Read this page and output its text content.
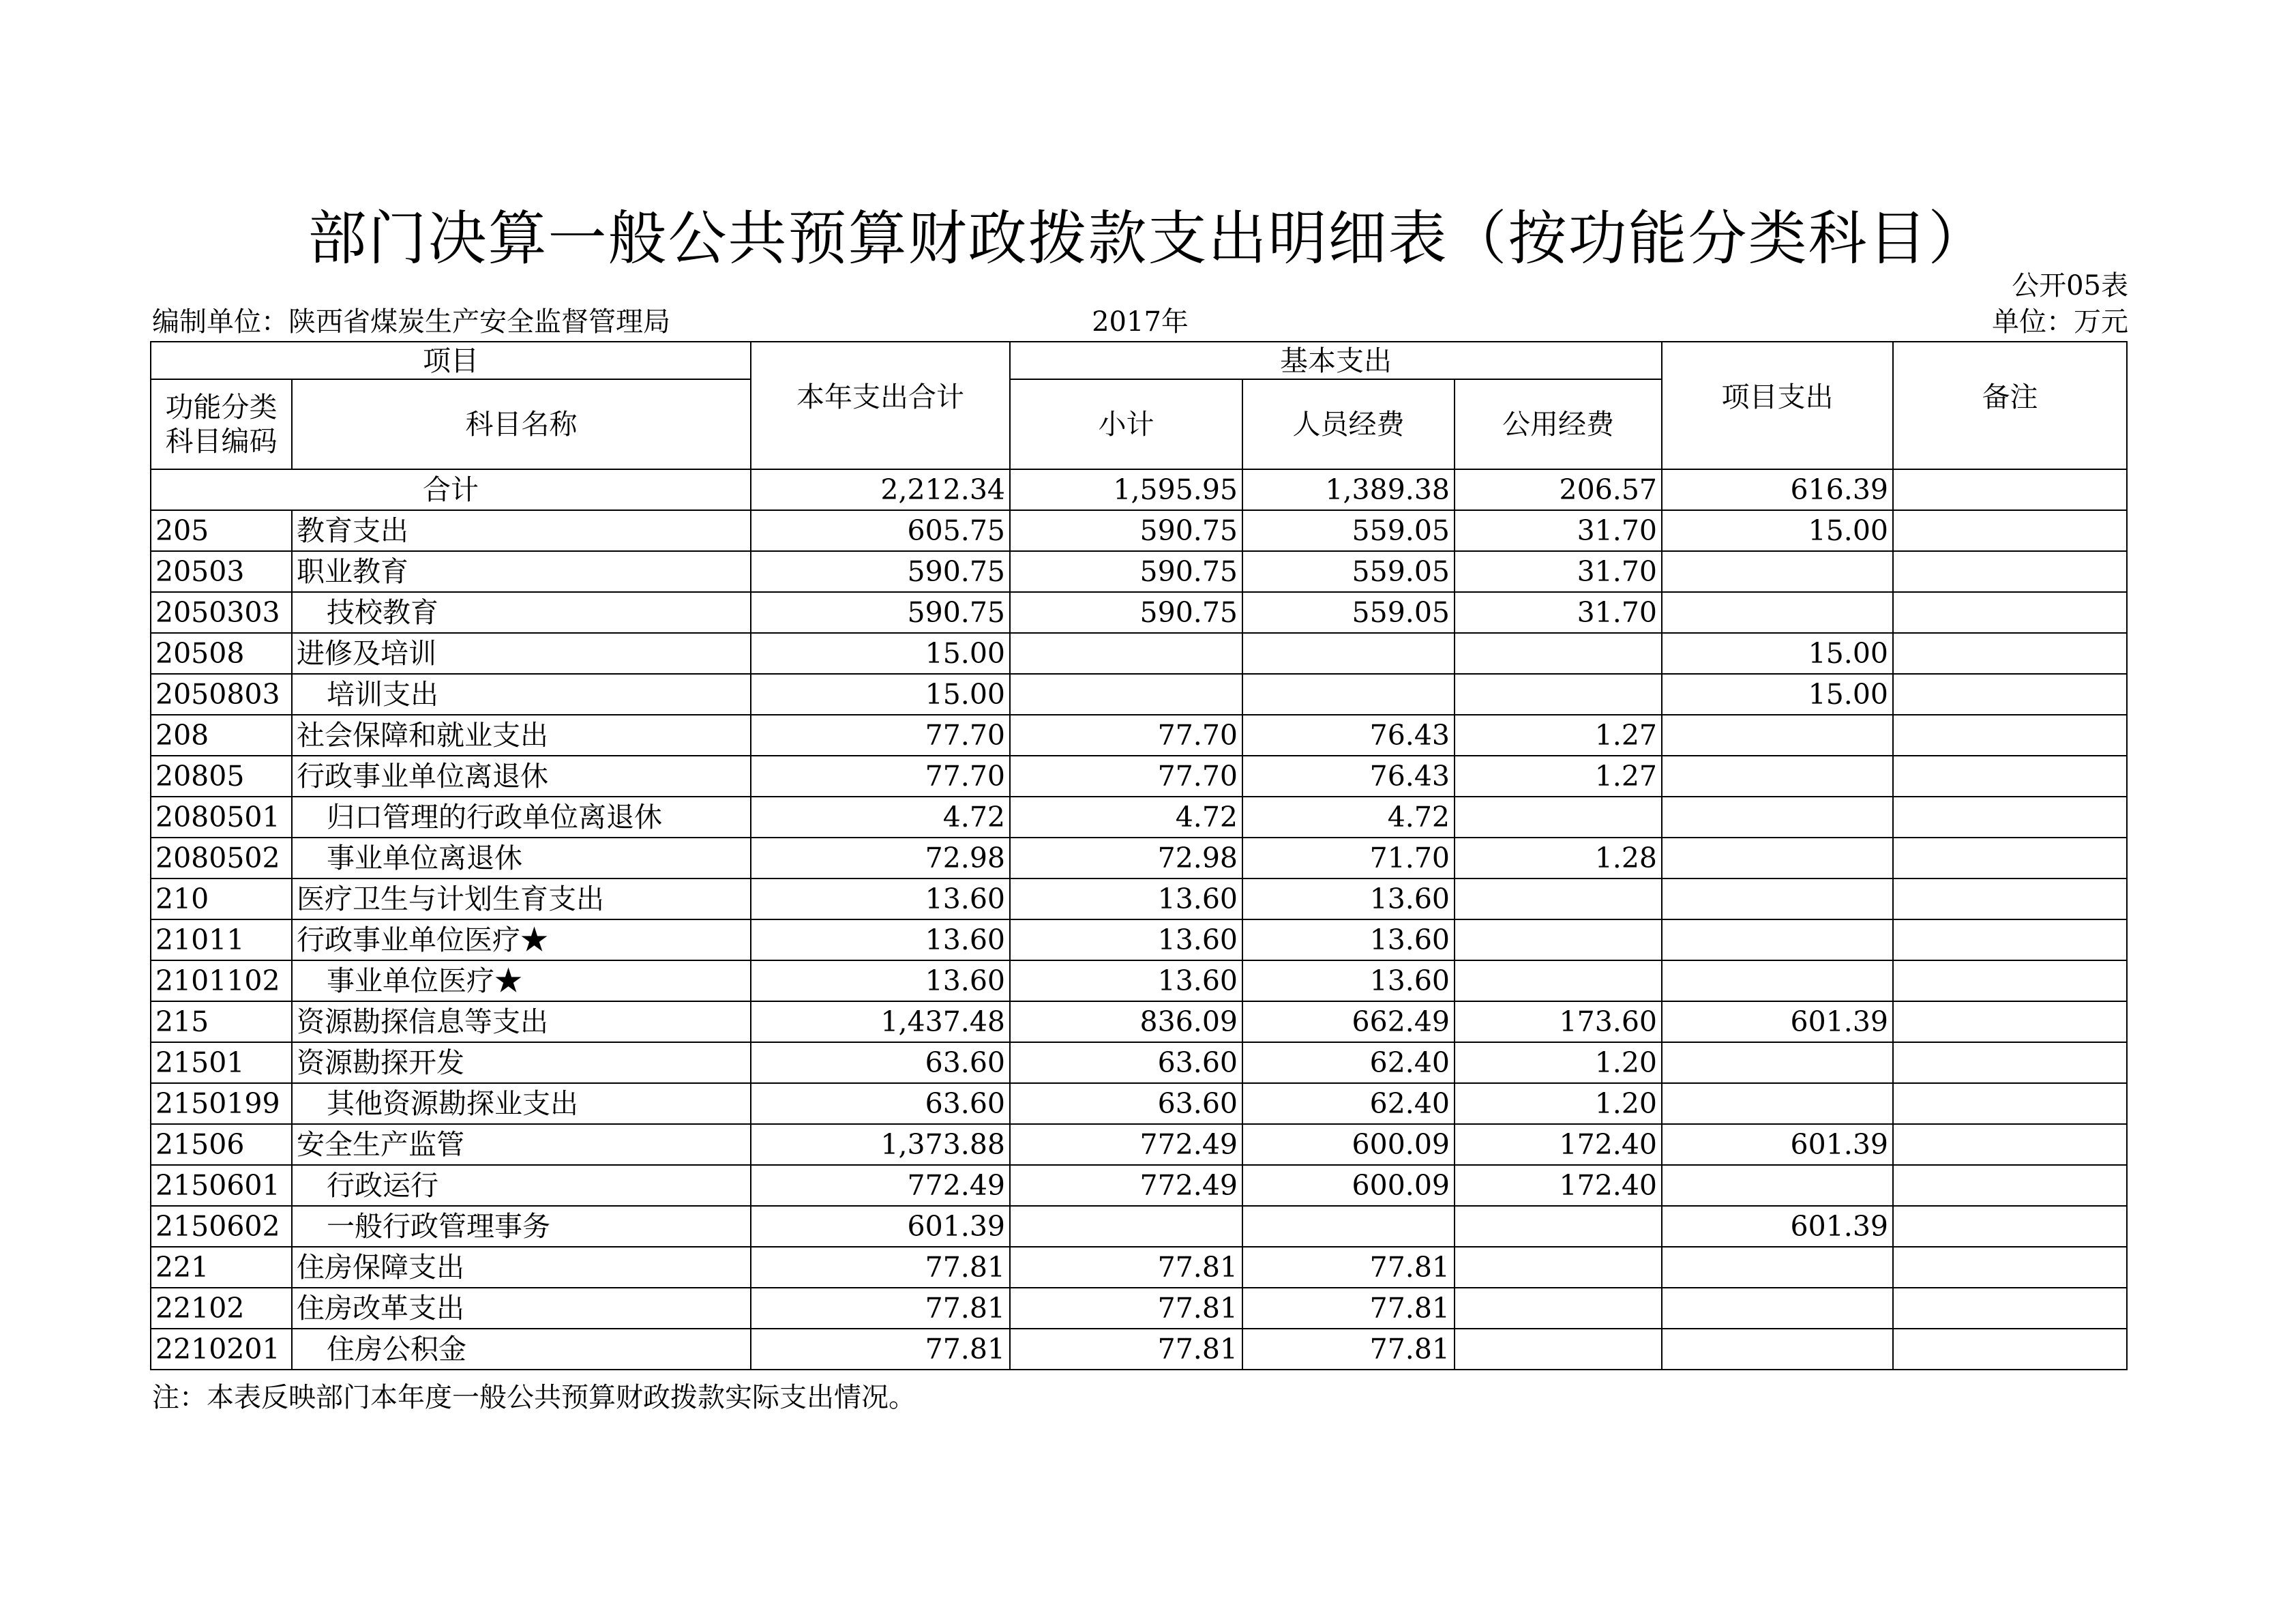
部门决算一般公共预算财政拨款支出明细表（按功能分类科目）
公开05表
编制单位：陕西省煤炭生产安全监督管理局	2017年	单位：万元
项目		本年支出合计	基本支出			项目支出	备注
功能分类科目编码	科目名称		小计	人员经费	公用经费		
合计		2,212.34	1,595.95	1,389.38	206.57	616.39	
205	教育支出	605.75	590.75	559.05	31.70	15.00	
20503	职业教育	590.75	590.75	559.05	31.70		
2050303	技校教育	590.75	590.75	559.05	31.70		
20508	进修及培训	15.00				15.00	
2050803	培训支出	15.00				15.00	
208	社会保障和就业支出	77.70	77.70	76.43	1.27		
20805	行政事业单位离退休	77.70	77.70	76.43	1.27		
2080501	归口管理的行政单位离退休	4.72	4.72	4.72			
2080502	事业单位离退休	72.98	72.98	71.70	1.28		
210	医疗卫生与计划生育支出	13.60	13.60	13.60			
21011	行政事业单位医疗★	13.60	13.60	13.60			
2101102	事业单位医疗★	13.60	13.60	13.60			
215	资源勘探信息等支出	1,437.48	836.09	662.49	173.60	601.39	
21501	资源勘探开发	63.60	63.60	62.40	1.20		
2150199	其他资源勘探业支出	63.60	63.60	62.40	1.20		
21506	安全生产监管	1,373.88	772.49	600.09	172.40	601.39	
2150601	行政运行	772.49	772.49	600.09	172.40		
2150602	一般行政管理事务	601.39				601.39	
221	住房保障支出	77.81	77.81	77.81			
22102	住房改革支出	77.81	77.81	77.81			
2210201	住房公积金	77.81	77.81	77.81			
注：本表反映部门本年度一般公共预算财政拨款实际支出情况。
